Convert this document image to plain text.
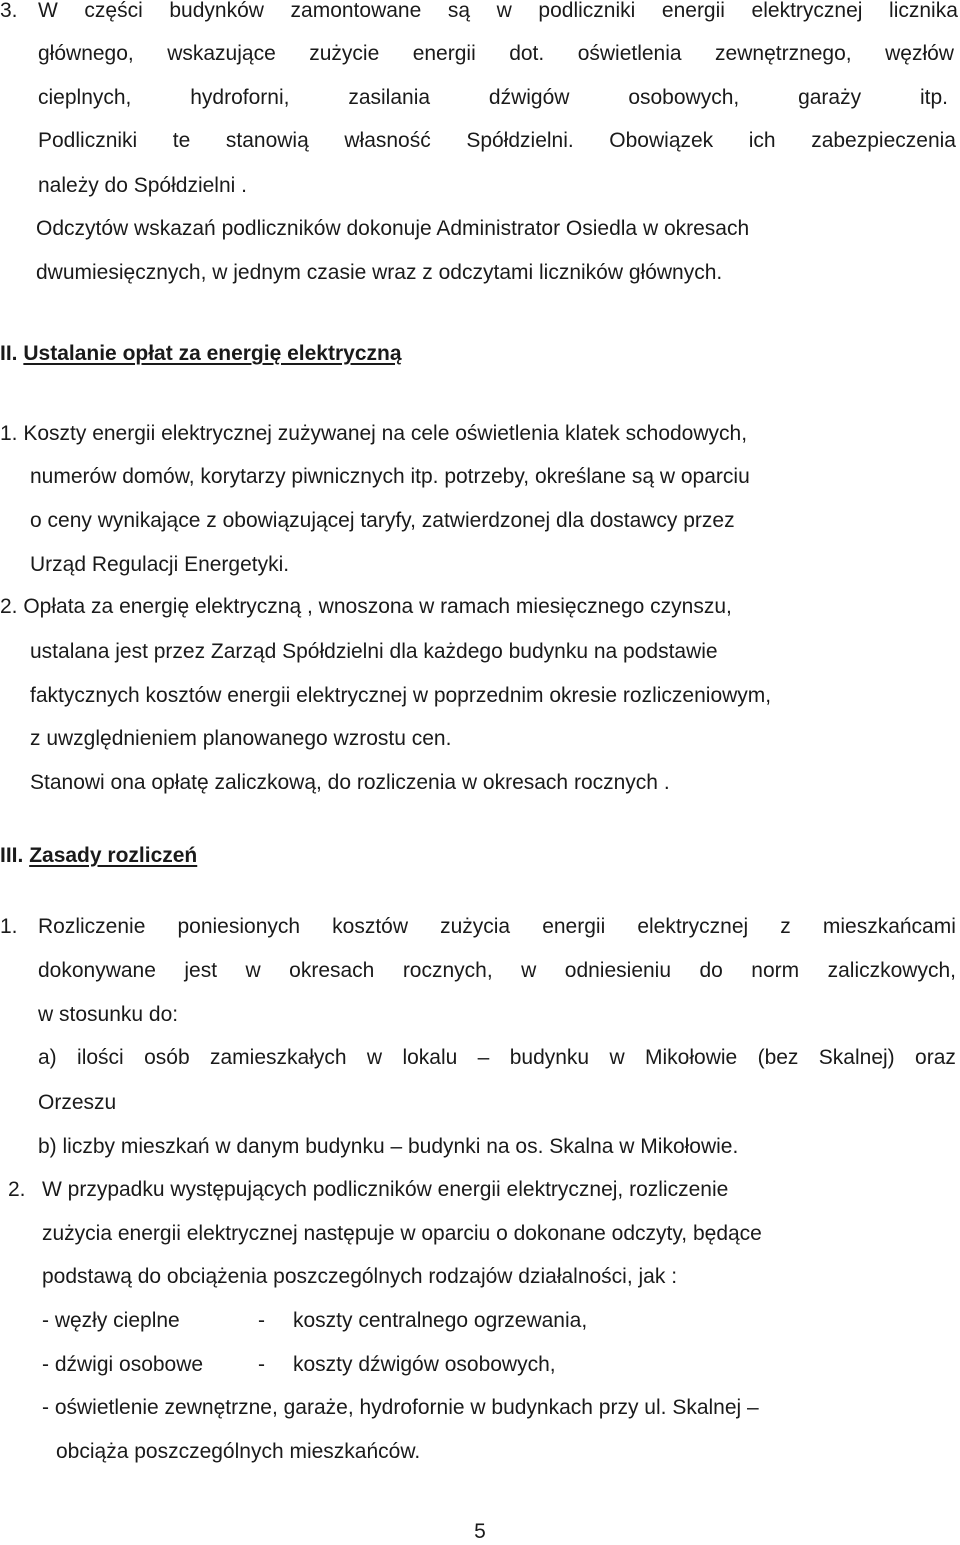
3. W części budynków zamontowane są w podliczniki energii elektrycznej licznika
głównego, wskazujące zużycie energii dot. oświetlenia zewnętrznego, węzłów
cieplnych,	hydroforni,	zasilania	dźwigów	osobowych,	garaży	itp.
Podliczniki te stanowią własność Spółdzielni. Obowiązek ich zabezpieczenia
należy do Spółdzielni .
Odczytów wskazań podliczników dokonuje Administrator Osiedla w okresach
dwumiesięcznych, w jednym czasie wraz z odczytami liczników głównych.
II. Ustalanie opłat za energię elektryczną
1. Koszty energii elektrycznej zużywanej na cele oświetlenia klatek schodowych,
numerów domów, korytarzy piwnicznych itp. potrzeby, określane są w oparciu
o ceny wynikające z obowiązującej taryfy, zatwierdzonej dla dostawcy przez
Urząd Regulacji Energetyki.
2. Opłata za energię elektryczną , wnoszona w ramach miesięcznego czynszu,
ustalana jest przez Zarząd Spółdzielni dla każdego budynku na podstawie
faktycznych kosztów energii elektrycznej w poprzednim okresie rozliczeniowym,
z uwzględnieniem planowanego wzrostu cen.
Stanowi ona opłatę zaliczkową, do rozliczenia w okresach rocznych .
III. Zasady rozliczeń
1. Rozliczenie poniesionych kosztów zużycia energii elektrycznej z mieszkańcami
dokonywane jest w okresach rocznych, w odniesieniu do norm zaliczkowych,
w stosunku do:
a) ilości osób zamieszkałych w lokalu – budynku w Mikołowie (bez Skalnej) oraz
Orzeszu
b) liczby mieszkań w danym budynku – budynki na os. Skalna w Mikołowie.
2. W przypadku występujących podliczników energii elektrycznej, rozliczenie
zużycia energii elektrycznej następuje w oparciu o dokonane odczyty, będące
podstawą do obciążenia poszczególnych rodzajów działalności, jak :
- węzły cieplne	- koszty centralnego ogrzewania,
- dźwigi osobowe	- koszty dźwigów osobowych,
- oświetlenie zewnętrzne, garaże, hydrofornie w budynkach przy ul. Skalnej –
obciąża poszczególnych mieszkańców.
5
